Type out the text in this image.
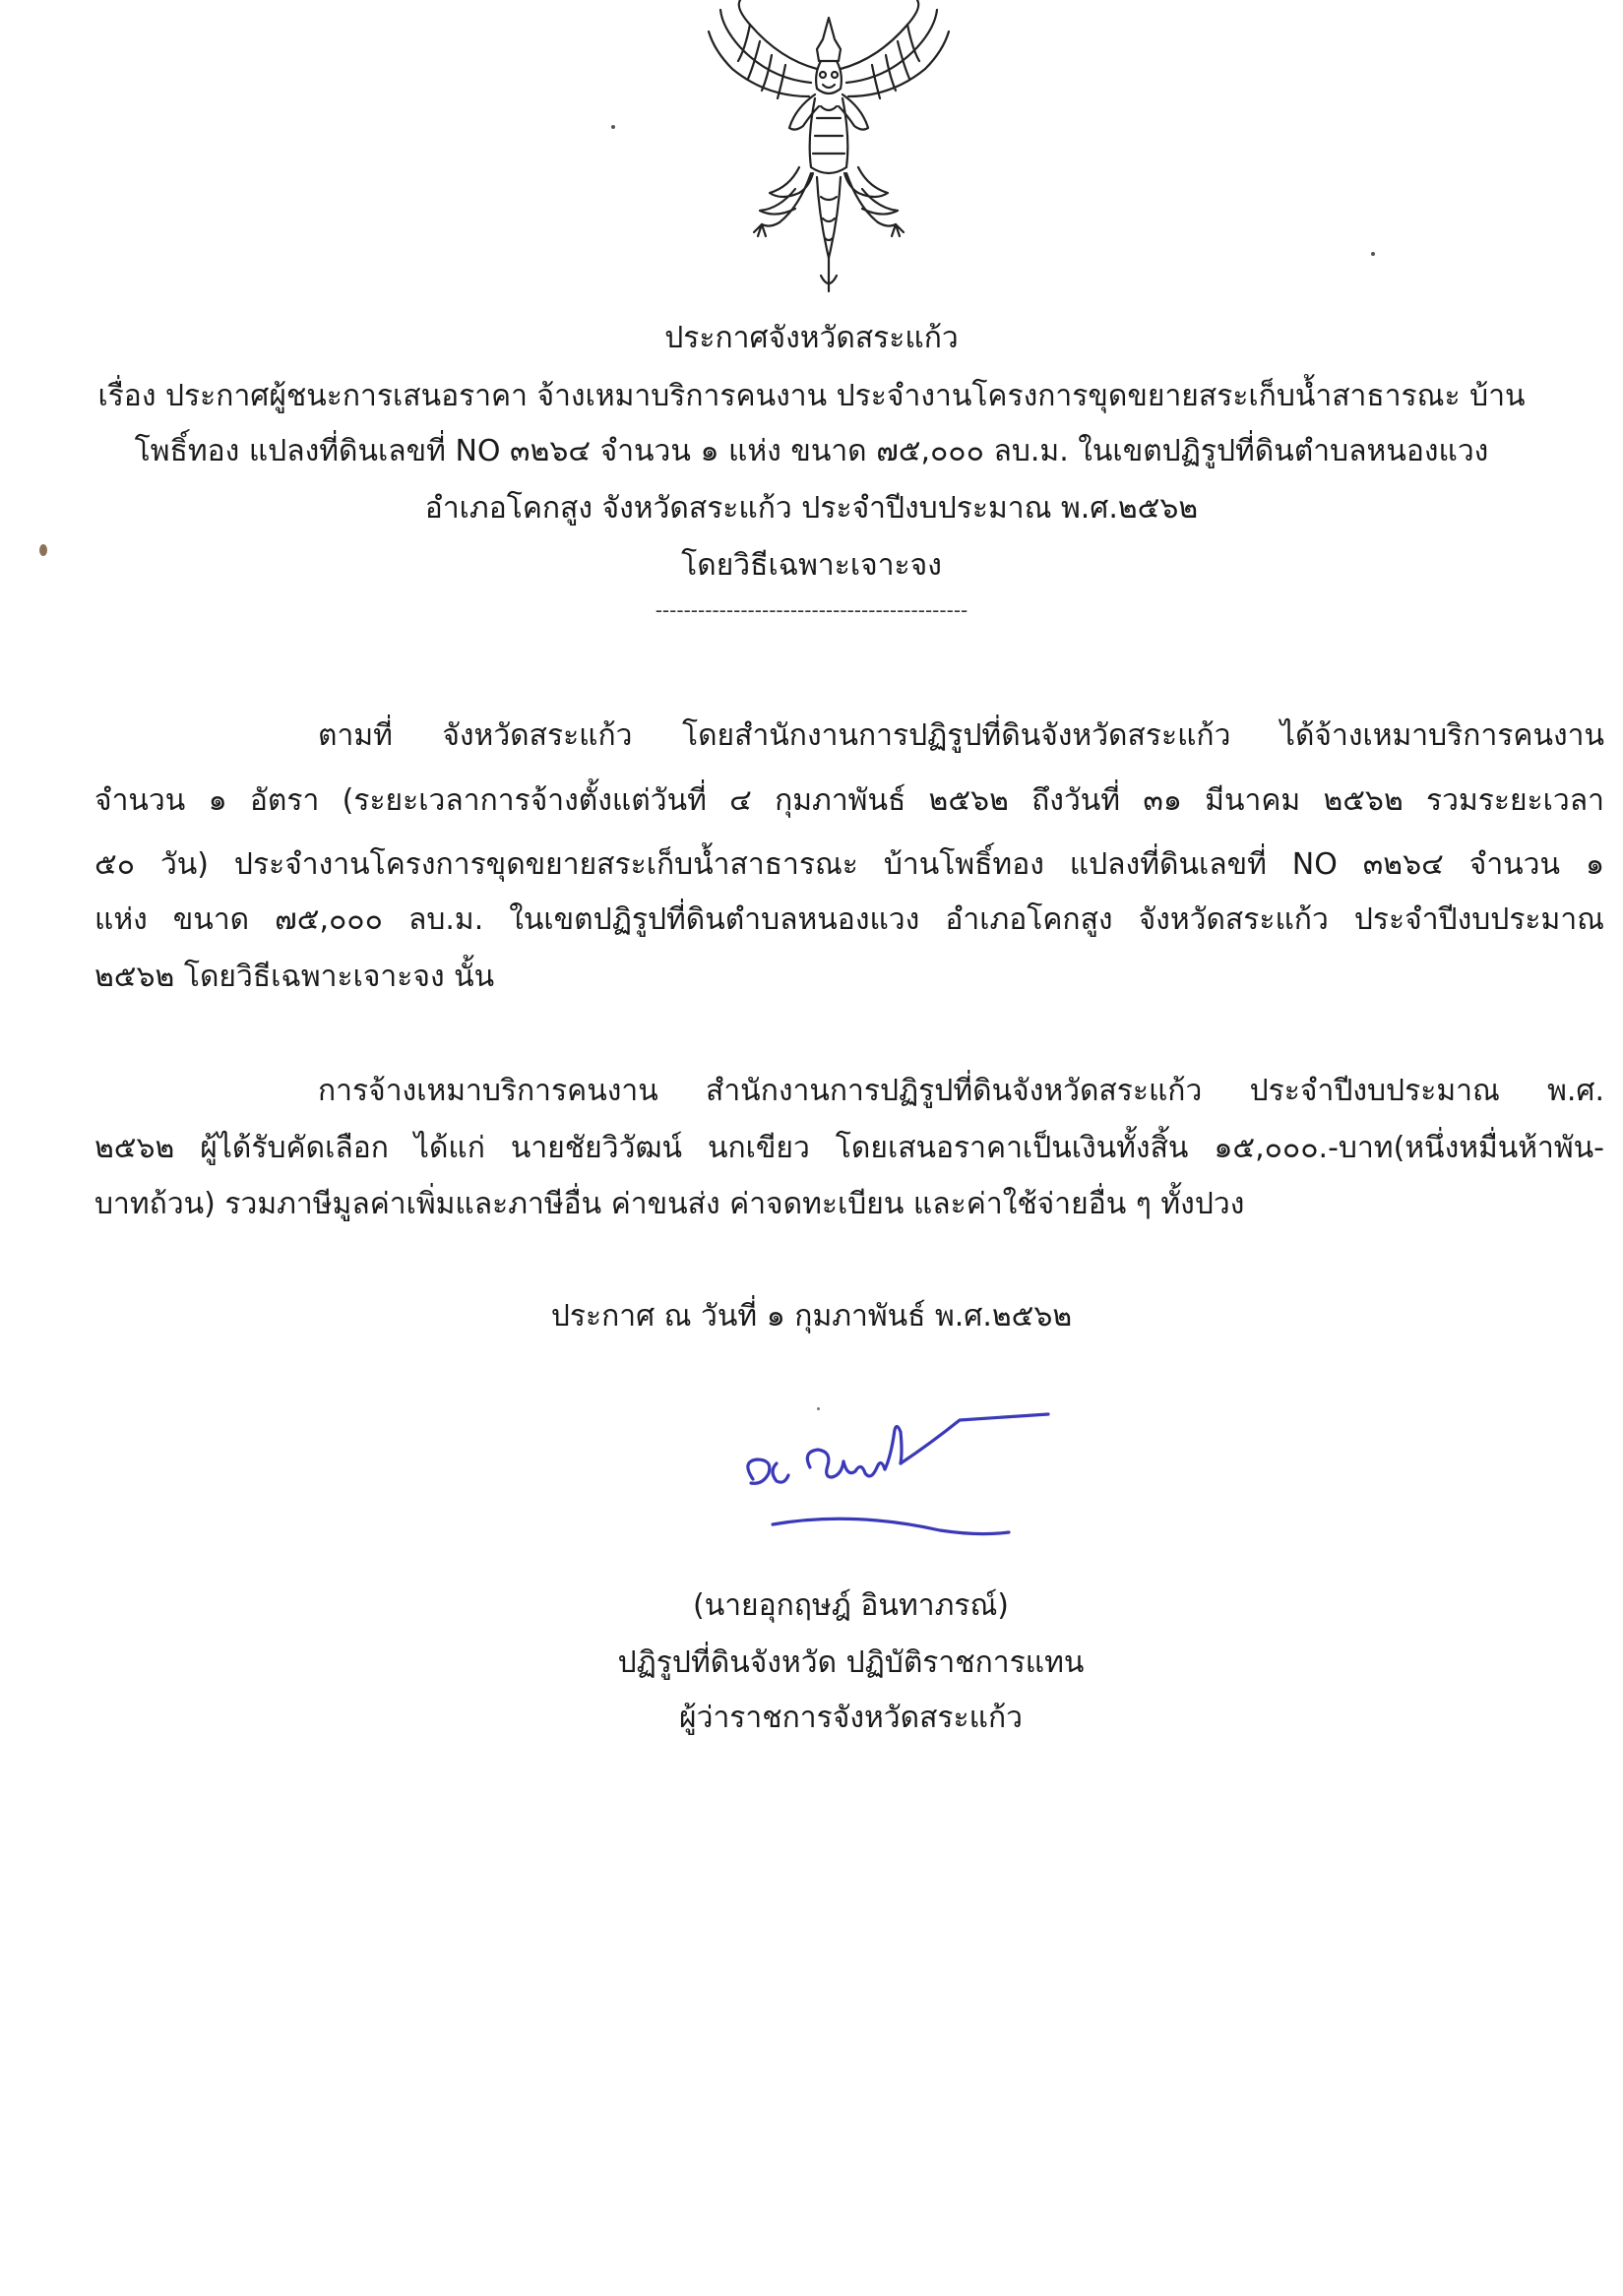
ประกาศจังหวัดสระแก้ว
เรื่อง ประกาศผู้ชนะการเสนอราคา จ้างเหมาบริการคนงาน ประจำงานโครงการขุดขยายสระเก็บน้ำสาธารณะ บ้าน
โพธิ์ทอง แปลงที่ดินเลขที่ NO ๓๒๖๔ จำนวน ๑ แห่ง ขนาด ๗๕,๐๐๐ ลบ.ม. ในเขตปฏิรูปที่ดินตำบลหนองแวง
อำเภอโคกสูง จังหวัดสระแก้ว ประจำปีงบประมาณ พ.ศ.๒๕๖๒
โดยวิธีเฉพาะเจาะจง
--------------------------------------------
ตามที่ จังหวัดสระแก้ว โดยสำนักงานการปฏิรูปที่ดินจังหวัดสระแก้ว ได้จ้างเหมาบริการคนงาน
จำนวน ๑ อัตรา (ระยะเวลาการจ้างตั้งแต่วันที่ ๔ กุมภาพันธ์ ๒๕๖๒ ถึงวันที่ ๓๑ มีนาคม ๒๕๖๒ รวมระยะเวลา
๕๐ วัน) ประจำงานโครงการขุดขยายสระเก็บน้ำสาธารณะ บ้านโพธิ์ทอง แปลงที่ดินเลขที่ NO ๓๒๖๔ จำนวน ๑
แห่ง ขนาด ๗๕,๐๐๐ ลบ.ม. ในเขตปฏิรูปที่ดินตำบลหนองแวง อำเภอโคกสูง จังหวัดสระแก้ว ประจำปีงบประมาณ
๒๕๖๒ โดยวิธีเฉพาะเจาะจง นั้น
การจ้างเหมาบริการคนงาน สำนักงานการปฏิรูปที่ดินจังหวัดสระแก้ว ประจำปีงบประมาณ พ.ศ.
๒๕๖๒ ผู้ได้รับคัดเลือก ได้แก่ นายชัยวิวัฒน์ นกเขียว โดยเสนอราคาเป็นเงินทั้งสิ้น ๑๕,๐๐๐.-บาท(หนึ่งหมื่นห้าพัน-
บาทถ้วน) รวมภาษีมูลค่าเพิ่มและภาษีอื่น ค่าขนส่ง ค่าจดทะเบียน และค่าใช้จ่ายอื่น ๆ ทั้งปวง
ประกาศ ณ วันที่ ๑ กุมภาพันธ์ พ.ศ.๒๕๖๒
(นายอุกฤษฎ์ อินทาภรณ์)
ปฏิรูปที่ดินจังหวัด ปฏิบัติราชการแทน
ผู้ว่าราชการจังหวัดสระแก้ว
